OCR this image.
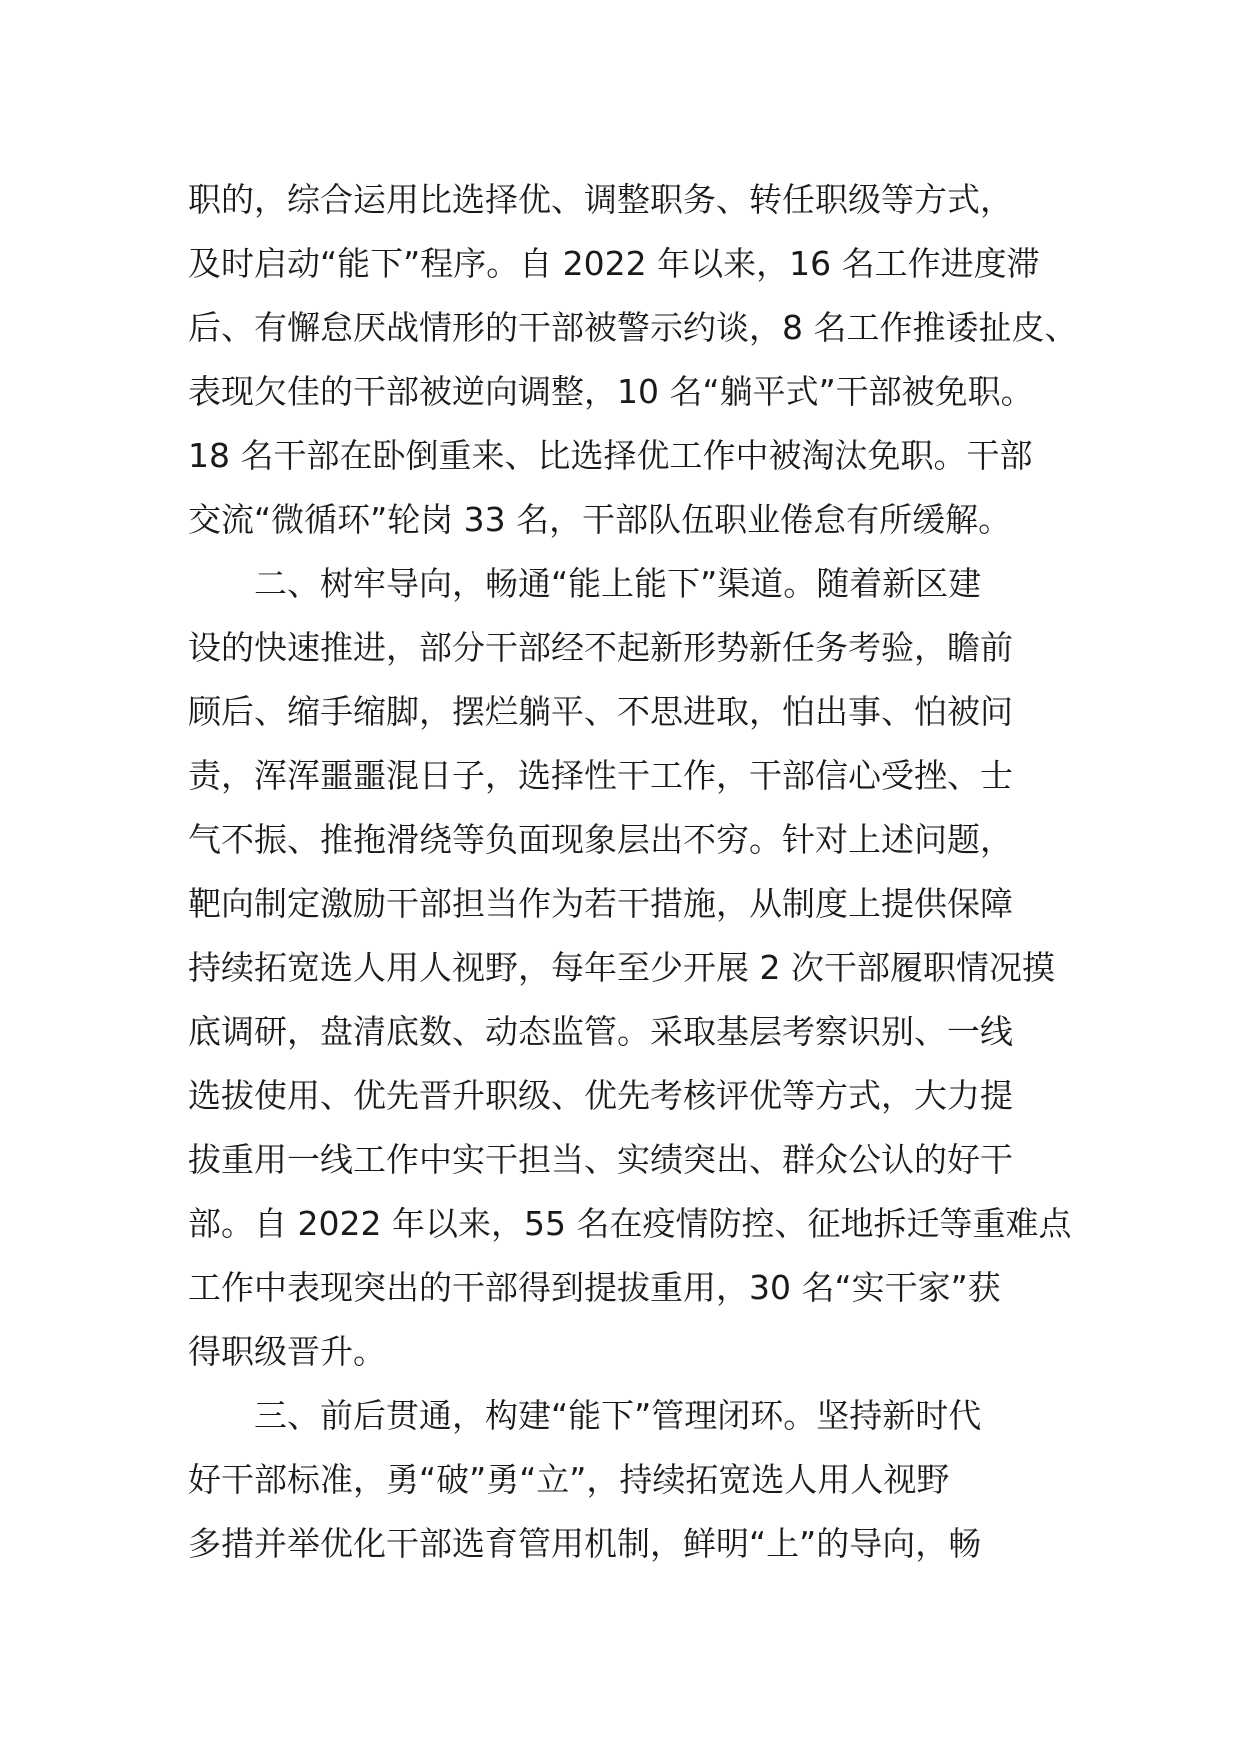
职的，综合运用比选择优、调整职务、转任职级等方式，
及时启动“能下”程序。自 2022 年以来，16 名工作进度滞
后、有懈怠厌战情形的干部被警示约谈，8 名工作推诿扯皮、
表现欠佳的干部被逆向调整，10 名“躺平式”干部被免职。
18 名干部在卧倒重来、比选择优工作中被淘汰免职。干部
交流“微循环”轮岗 33 名，干部队伍职业倦怠有所缓解。
二、树牢导向，畅通“能上能下”渠道。随着新区建
设的快速推进，部分干部经不起新形势新任务考验，瞻前
顾后、缩手缩脚，摆烂躺平、不思进取，怕出事、怕被问
责，浑浑噩噩混日子，选择性干工作，干部信心受挫、士
气不振、推拖滑绕等负面现象层出不穷。针对上述问题，
靶向制定激励干部担当作为若干措施，从制度上提供保障
持续拓宽选人用人视野，每年至少开展 2 次干部履职情况摸
底调研，盘清底数、动态监管。采取基层考察识别、一线
选拔使用、优先晋升职级、优先考核评优等方式，大力提
拔重用一线工作中实干担当、实绩突出、群众公认的好干
部。自 2022 年以来，55 名在疫情防控、征地拆迁等重难点
工作中表现突出的干部得到提拔重用，30 名“实干家”获
得职级晋升。
三、前后贯通，构建“能下”管理闭环。坚持新时代
好干部标准，勇“破”勇“立”，持续拓宽选人用人视野
多措并举优化干部选育管用机制，鲜明“上”的导向，畅
